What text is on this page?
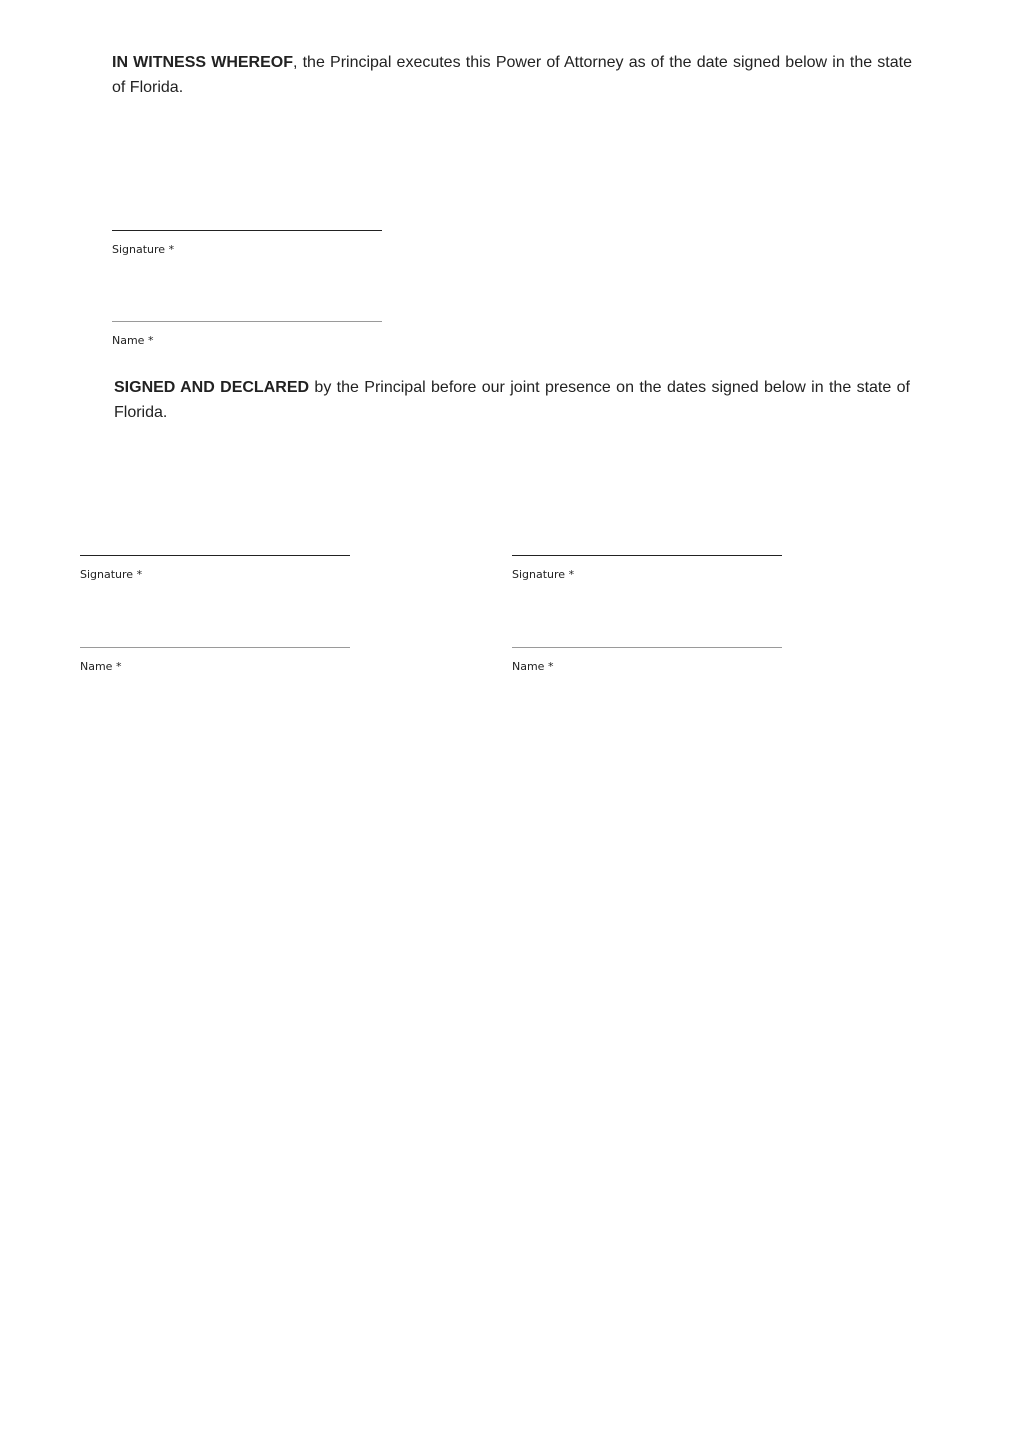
IN WITNESS WHEREOF, the Principal executes this Power of Attorney as of the date signed below in the state of Florida.

Signature *
Name *

SIGNED AND DECLARED by the Principal before our joint presence on the dates signed below in the state of Florida.

Signature *
Name *
Signature *
Name *
